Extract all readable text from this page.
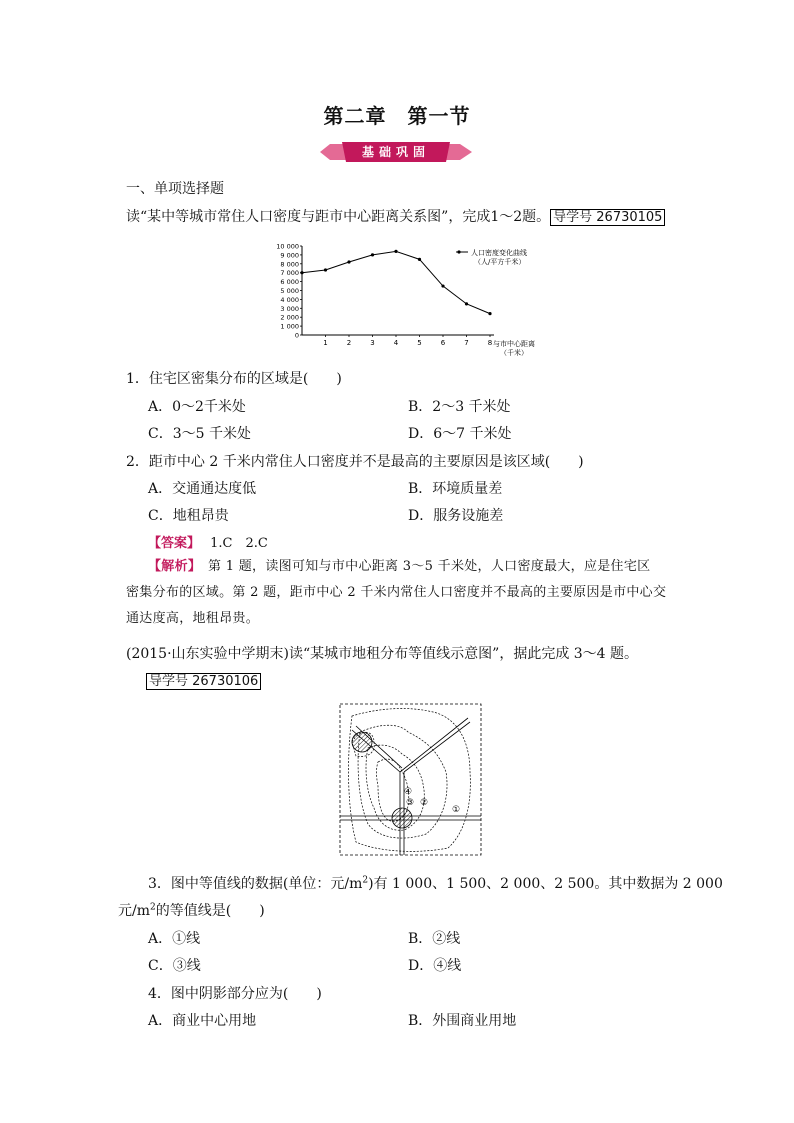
第二章　第一节
基础巩固
一、单项选择题
读“某中等城市常住人口密度与距市中心距离关系图”，完成1～2题。 导学号 26730105
10 000
9 000
8 000
7 000
6 000
5 000
4 000
3 000
2 000
1 000
0
1	2	3	4	5	6	7	8
人口密度变化曲线
（人/平方千米）
与市中心距离
（千米）
1．住宅区密集分布的区域是(　　)
A．0～2千米处	B．2～3 千米处
C．3～5 千米处	D．6～7 千米处
2．距市中心 2 千米内常住人口密度并不是最高的主要原因是该区域(　　)
A．交通通达度低	B．环境质量差
C．地租昂贵	D．服务设施差
【答案】 1.C　2.C
【解析】　第 1 题，读图可知与市中心距离 3～5 千米处，人口密度最大，应是住宅区
密集分布的区域。第 2 题，距市中心 2 千米内常住人口密度并不最高的主要原因是市中心交
通达度高，地租昂贵。
(2015·山东实验中学期末)读“某城市地租分布等值线示意图”，据此完成 3～4 题。
导学号 26730106
④
③ ②
①
3．图中等值线的数据(单位：元$/m^2$)有 1 000、1 500、2 000、2 500。其中数据为 2 000
元$/m^2$的等值线是(　　)
A．①线	B．②线
C．③线	D．④线
4．图中阴影部分应为(　　)
A．商业中心用地	B．外围商业用地
